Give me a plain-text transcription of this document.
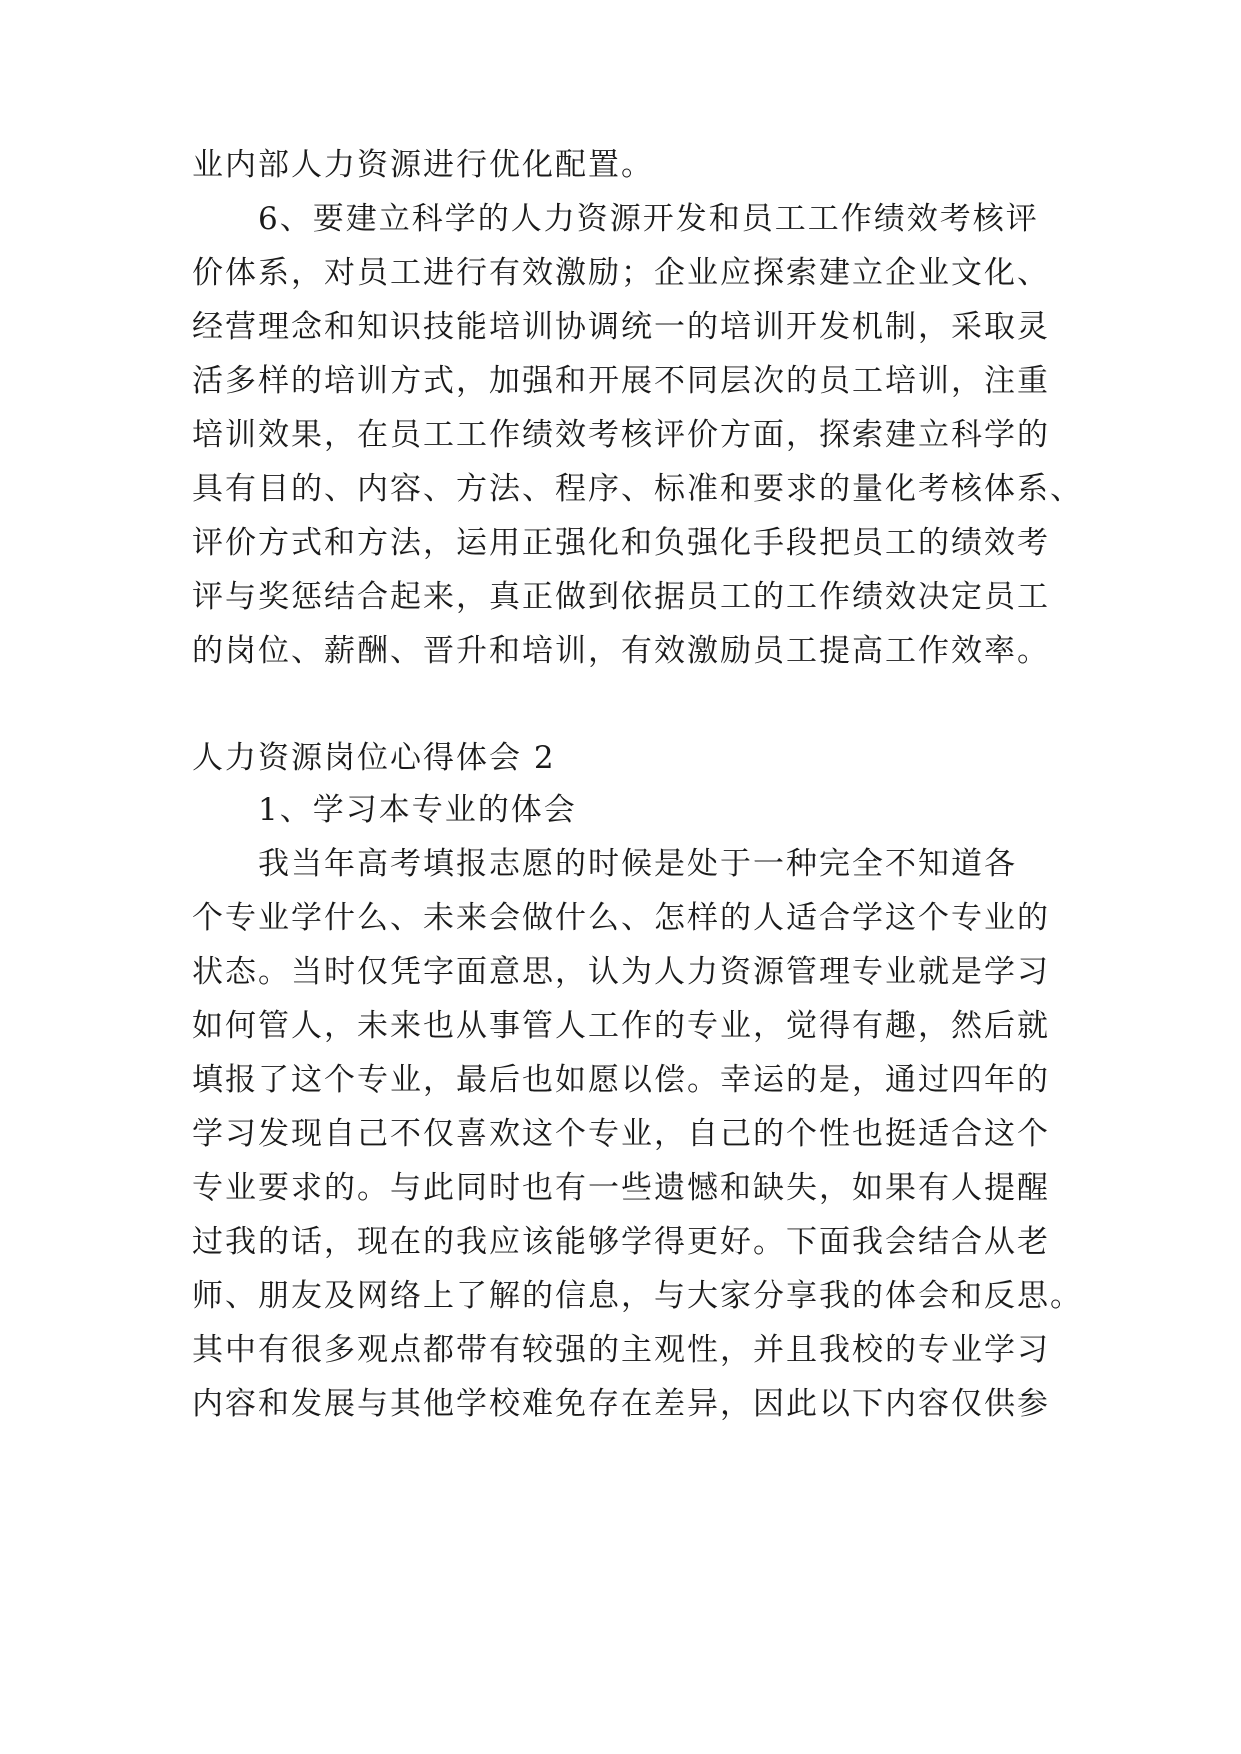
业内部人力资源进行优化配置。
6、要建立科学的人力资源开发和员工工作绩效考核评
价体系，对员工进行有效激励；企业应探索建立企业文化、
经营理念和知识技能培训协调统一的培训开发机制，采取灵
活多样的培训方式，加强和开展不同层次的员工培训，注重
培训效果，在员工工作绩效考核评价方面，探索建立科学的
具有目的、内容、方法、程序、标准和要求的量化考核体系、
评价方式和方法，运用正强化和负强化手段把员工的绩效考
评与奖惩结合起来，真正做到依据员工的工作绩效决定员工
的岗位、薪酬、晋升和培训，有效激励员工提高工作效率。
人力资源岗位心得体会 2
1、学习本专业的体会
我当年高考填报志愿的时候是处于一种完全不知道各
个专业学什么、未来会做什么、怎样的人适合学这个专业的
状态。当时仅凭字面意思，认为人力资源管理专业就是学习
如何管人，未来也从事管人工作的专业，觉得有趣，然后就
填报了这个专业，最后也如愿以偿。幸运的是，通过四年的
学习发现自己不仅喜欢这个专业，自己的个性也挺适合这个
专业要求的。与此同时也有一些遗憾和缺失，如果有人提醒
过我的话，现在的我应该能够学得更好。下面我会结合从老
师、朋友及网络上了解的信息，与大家分享我的体会和反思。
其中有很多观点都带有较强的主观性，并且我校的专业学习
内容和发展与其他学校难免存在差异，因此以下内容仅供参
